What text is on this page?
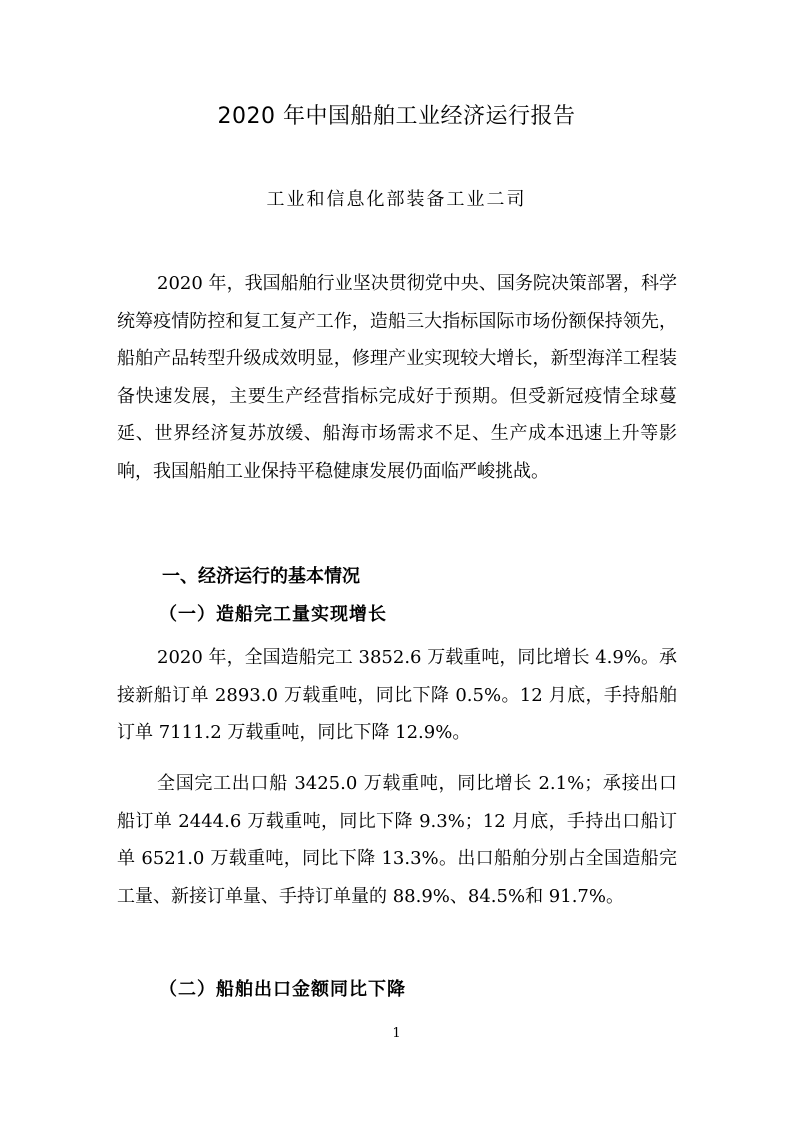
2020 年中国船舶工业经济运行报告
工业和信息化部装备工业二司

2020 年，我国船舶行业坚决贯彻党中央、国务院决策部署，科学统筹疫情防控和复工复产工作，造船三大指标国际市场份额保持领先，船舶产品转型升级成效明显，修理产业实现较大增长，新型海洋工程装备快速发展，主要生产经营指标完成好于预期。但受新冠疫情全球蔓延、世界经济复苏放缓、船海市场需求不足、生产成本迅速上升等影响，我国船舶工业保持平稳健康发展仍面临严峻挑战。

一、经济运行的基本情况

（一）造船完工量实现增长

2020 年，全国造船完工 3852.6 万载重吨，同比增长 4.9%。承接新船订单 2893.0 万载重吨，同比下降 0.5%。12 月底，手持船舶订单 7111.2 万载重吨，同比下降 12.9%。

全国完工出口船 3425.0 万载重吨，同比增长 2.1%；承接出口船订单 2444.6 万载重吨，同比下降 9.3%；12 月底，手持出口船订单 6521.0 万载重吨，同比下降 13.3%。出口船舶分别占全国造船完工量、新接订单量、手持订单量的 88.9%、84.5%和 91.7%。

（二）船舶出口金额同比下降

1
